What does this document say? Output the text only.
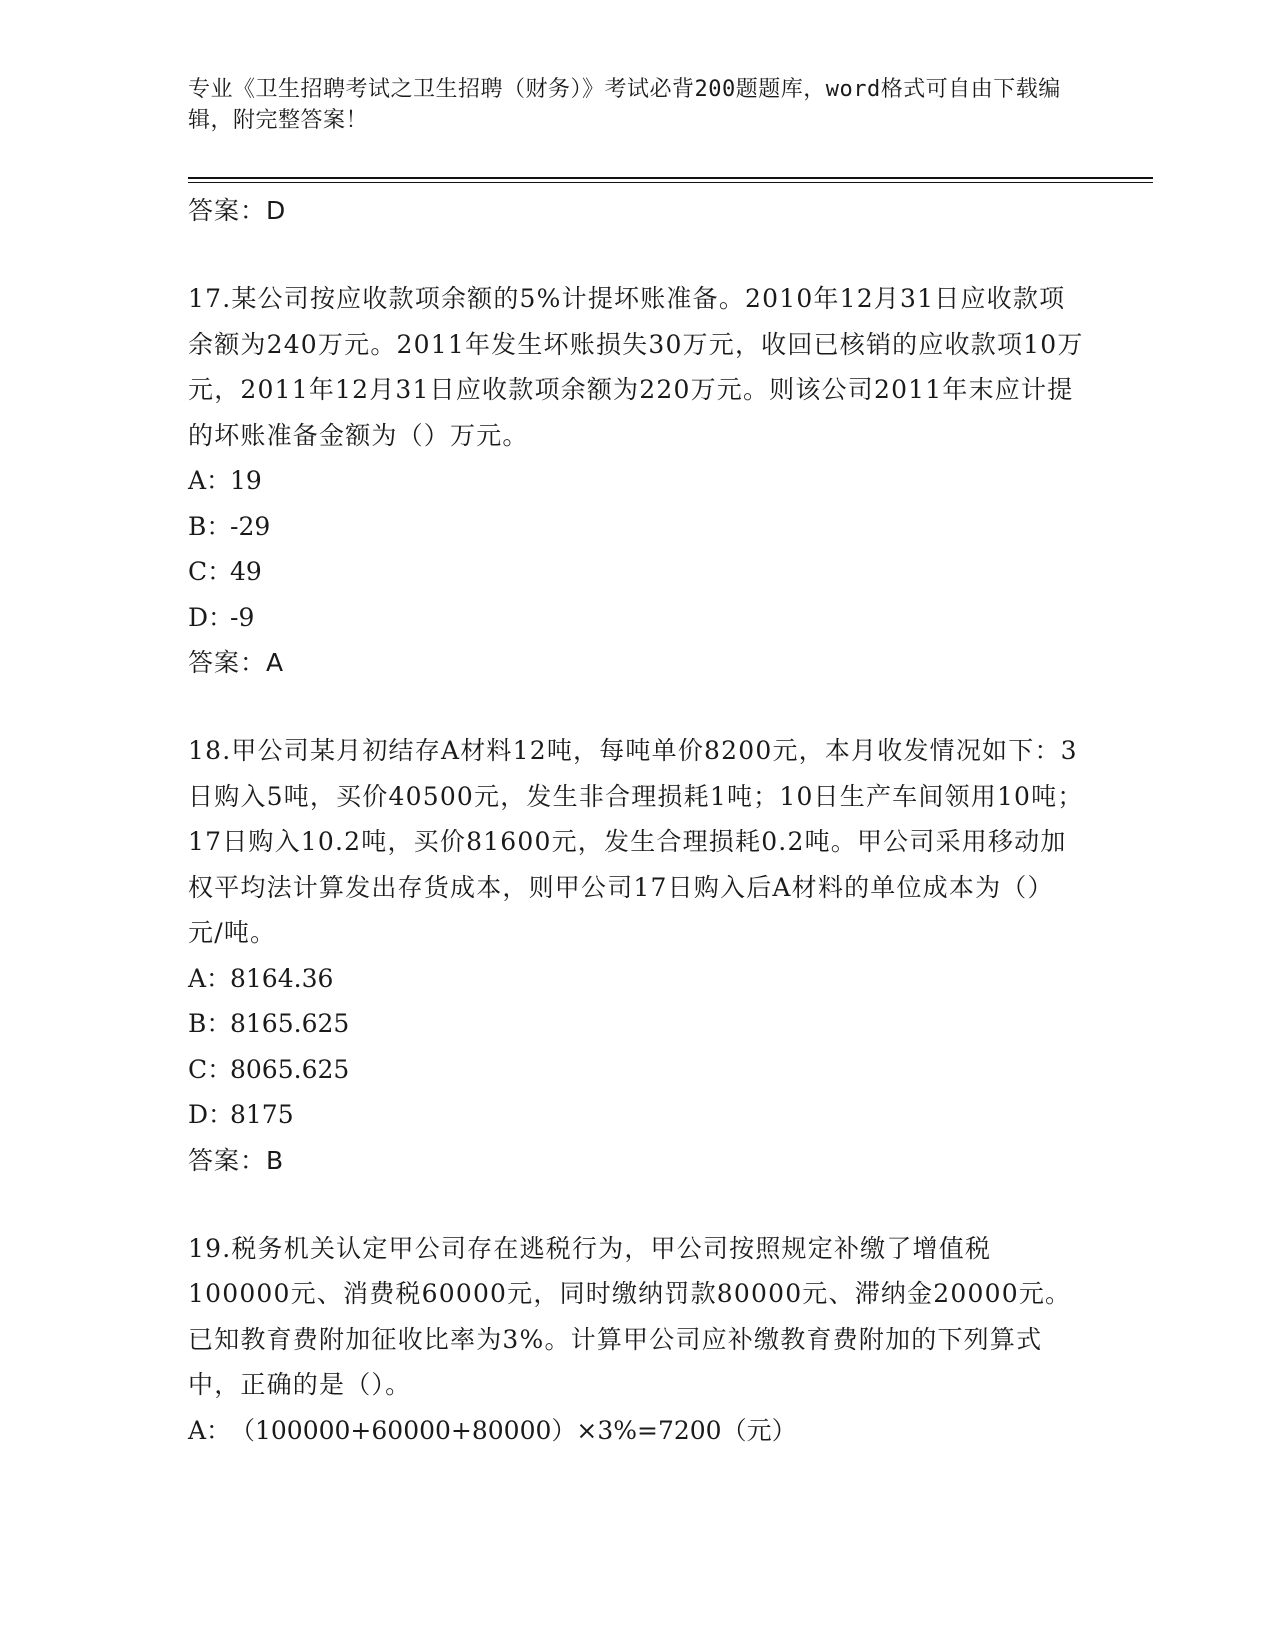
专业《卫生招聘考试之卫生招聘（财务）》考试必背200题题库，word格式可自由下载编辑，附完整答案！
答案：D

17.某公司按应收款项余额的5%计提坏账准备。2010年12月31日应收款项余额为240万元。2011年发生坏账损失30万元，收回已核销的应收款项10万元，2011年12月31日应收款项余额为220万元。则该公司2011年末应计提的坏账准备金额为（）万元。

A：19
B：-29
C：49
D：-9
答案：A

18.甲公司某月初结存A材料12吨，每吨单价8200元，本月收发情况如下：3日购入5吨，买价40500元，发生非合理损耗1吨；10日生产车间领用10吨；17日购入10.2吨，买价81600元，发生合理损耗0.2吨。甲公司采用移动加权平均法计算发出存货成本，则甲公司17日购入后A材料的单位成本为（）元/吨。

A：8164.36
B：8165.625
C：8065.625
D：8175
答案：B

19.税务机关认定甲公司存在逃税行为，甲公司按照规定补缴了增值税100000元、消费税60000元，同时缴纳罚款80000元、滞纳金20000元。已知教育费附加征收比率为3%。计算甲公司应补缴教育费附加的下列算式中，正确的是（）。

A：（100000+60000+80000）×3%=7200（元）
